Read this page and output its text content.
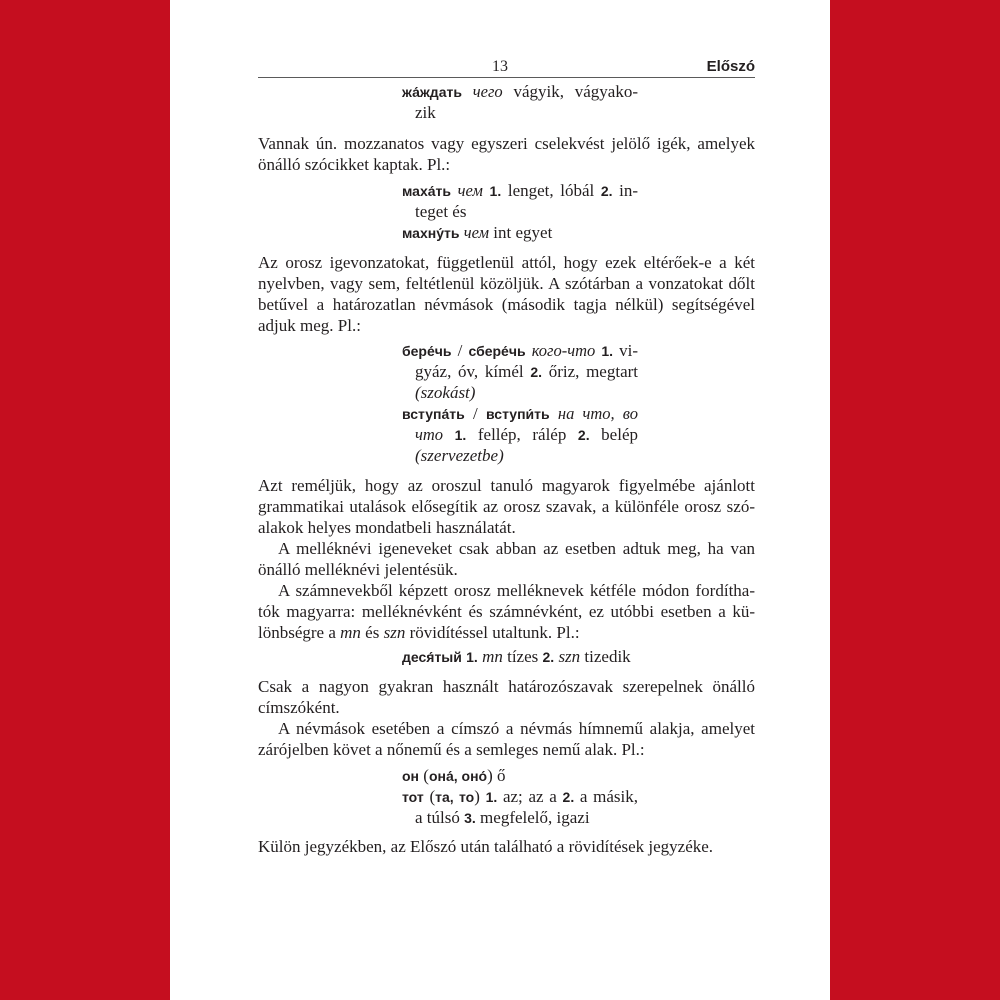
13	Előszó
жа́ждать чего vágyik, vágyako-
zik
Vannak ún. mozzanatos vagy egyszeri cselekvést jelölő igék, amelyek
önálló szócikket kaptak. Pl.:
маха́ть чем 1. lenget, lóbál 2. in-
teget és
махну́ть чем int egyet
Az orosz igevonzatokat, függetlenül attól, hogy ezek eltérőek-e a két
nyelvben, vagy sem, feltétlenül közöljük. A szótárban a vonzatokat dőlt
betűvel a határozatlan névmások (második tagja nélkül) segítségével
adjuk meg. Pl.:
бере́чь / сбере́чь кого-что 1. vi-
gyáz, óv, kímél 2. őriz, megtart
(szokást)
вступа́ть / вступи́ть на что, во
что 1. fellép, rálép 2. belép
(szervezetbe)
Azt reméljük, hogy az oroszul tanuló magyarok figyelmébe ajánlott
grammatikai utalások elősegítik az orosz szavak, a különféle orosz szó-
alakok helyes mondatbeli használatát.
A melléknévi igeneveket csak abban az esetben adtuk meg, ha van
önálló melléknévi jelentésük.
A számnevekből képzett orosz melléknevek kétféle módon fordítha-
tók magyarra: melléknévként és számnévként, ez utóbbi esetben a kü-
lönbségre a mn és szn rövidítéssel utaltunk. Pl.:
деся́тый 1. mn tízes 2. szn tizedik
Csak a nagyon gyakran használt határozószavak szerepelnek önálló
címszóként.
A névmások esetében a címszó a névmás hímnemű alakja, amelyet
zárójelben követ a nőnemű és a semleges nemű alak. Pl.:
он (она́, оно́) ő
тот (та, то) 1. az; az a 2. a másik,
a túlsó 3. megfelelő, igazi
Külön jegyzékben, az Előszó után található a rövidítések jegyzéke.
